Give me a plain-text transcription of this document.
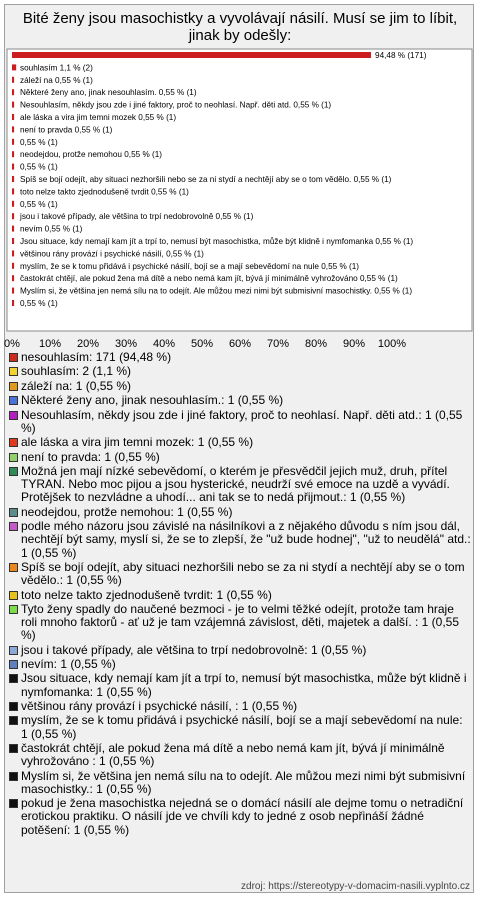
Bité ženy jsou masochistky a vyvolávají násilí. Musí se jim to líbit, jinak by odešly:
94,48 % (171)
souhlasím 1,1 % (2)
záleží na 0,55 % (1)
Některé ženy ano, jinak nesouhlasím. 0,55 % (1)
Nesouhlasím, někdy jsou zde i jiné faktory, proč to neohlasí. Např. děti atd. 0,55 % (1)
ale láska a vira jim temni mozek 0,55 % (1)
není to pravda 0,55 % (1)
0,55 % (1)
neodejdou, protže nemohou 0,55 % (1)
0,55 % (1)
Spíš se bojí odejít, aby situaci nezhoršili nebo se za ni stydí a nechtějí aby se o tom vědělo. 0,55 % (1)
toto nelze takto zjednodušeně tvrdit 0,55 % (1)
0,55 % (1)
jsou i takové případy, ale většina to trpí nedobrovolně 0,55 % (1)
nevím 0,55 % (1)
Jsou situace, kdy nemají kam jít a trpí to, nemusí být masochistka, může být klidně i nymfomanka 0,55 % (1)
většinou rány provází i psychické násilí, 0,55 % (1)
myslím, že se k tomu přidává i psychické násilí, bojí se a mají sebevědomí na nule 0,55 % (1)
častokrát chtějí, ale pokud žena má dítě a nebo nemá kam jít, bývá jí minimálně vyhrožováno 0,55 % (1)
Myslím si, že většina jen nemá sílu na to odejít. Ale můžou mezi nimi být submisivní masochistky. 0,55 % (1)
0,55 % (1)
0% 10% 20% 30% 40% 50% 60% 70% 80% 90% 100%
nesouhlasím: 171 (94,48 %)
souhlasím: 2 (1,1 %)
záleží na: 1 (0,55 %)
Některé ženy ano, jinak nesouhlasím.: 1 (0,55 %)
Nesouhlasím, někdy jsou zde i jiné faktory, proč to neohlasí. Např. děti atd.: 1 (0,55 %)
ale láska a vira jim temni mozek: 1 (0,55 %)
není to pravda: 1 (0,55 %)
Možná jen mají nízké sebevědomí, o kterém je přesvědčil jejich muž, druh, přítel TYRAN. Nebo moc pijou a jsou hysterické, neudrží své emoce na uzdě a vyvádí. Protějšek to nezvládne a uhodí... ani tak se to nedá přijmout.: 1 (0,55 %)
neodejdou, protže nemohou: 1 (0,55 %)
podle mého názoru jsou závislé na násilníkovi a z nějakého důvodu s ním jsou dál, nechtějí být samy, myslí si, že se to zlepší, že "už bude hodnej", "už to neudělá" atd.: 1 (0,55 %)
Spíš se bojí odejít, aby situaci nezhoršili nebo se za ni stydí a nechtějí aby se o tom vědělo.: 1 (0,55 %)
toto nelze takto zjednodušeně tvrdit: 1 (0,55 %)
Tyto ženy spadly do naučené bezmoci - je to velmi těžké odejít, protože tam hraje roli mnoho faktorů - ať už je tam vzájemná závislost, děti, majetek a další. : 1 (0,55 %)
jsou i takové případy, ale většina to trpí nedobrovolně: 1 (0,55 %)
nevím: 1 (0,55 %)
Jsou situace, kdy nemají kam jít a trpí to, nemusí být masochistka, může být klidně i nymfomanka: 1 (0,55 %)
většinou rány provází i psychické násilí, : 1 (0,55 %)
myslím, že se k tomu přidává i psychické násilí, bojí se a mají sebevědomí na nule: 1 (0,55 %)
častokrát chtějí, ale pokud žena má dítě a nebo nemá kam jít, bývá jí minimálně vyhrožováno : 1 (0,55 %)
Myslím si, že většina jen nemá sílu na to odejít. Ale můžou mezi nimi být submisivní masochistky.: 1 (0,55 %)
pokud je žena masochistka nejedná se o domácí násilí ale dejme tomu o netradiční erotickou praktiku. O násilí jde ve chvíli kdy to jedné z osob nepřináší žádné potěšení: 1 (0,55 %)
zdroj: https://stereotypy-v-domacim-nasili.vyplnto.cz
